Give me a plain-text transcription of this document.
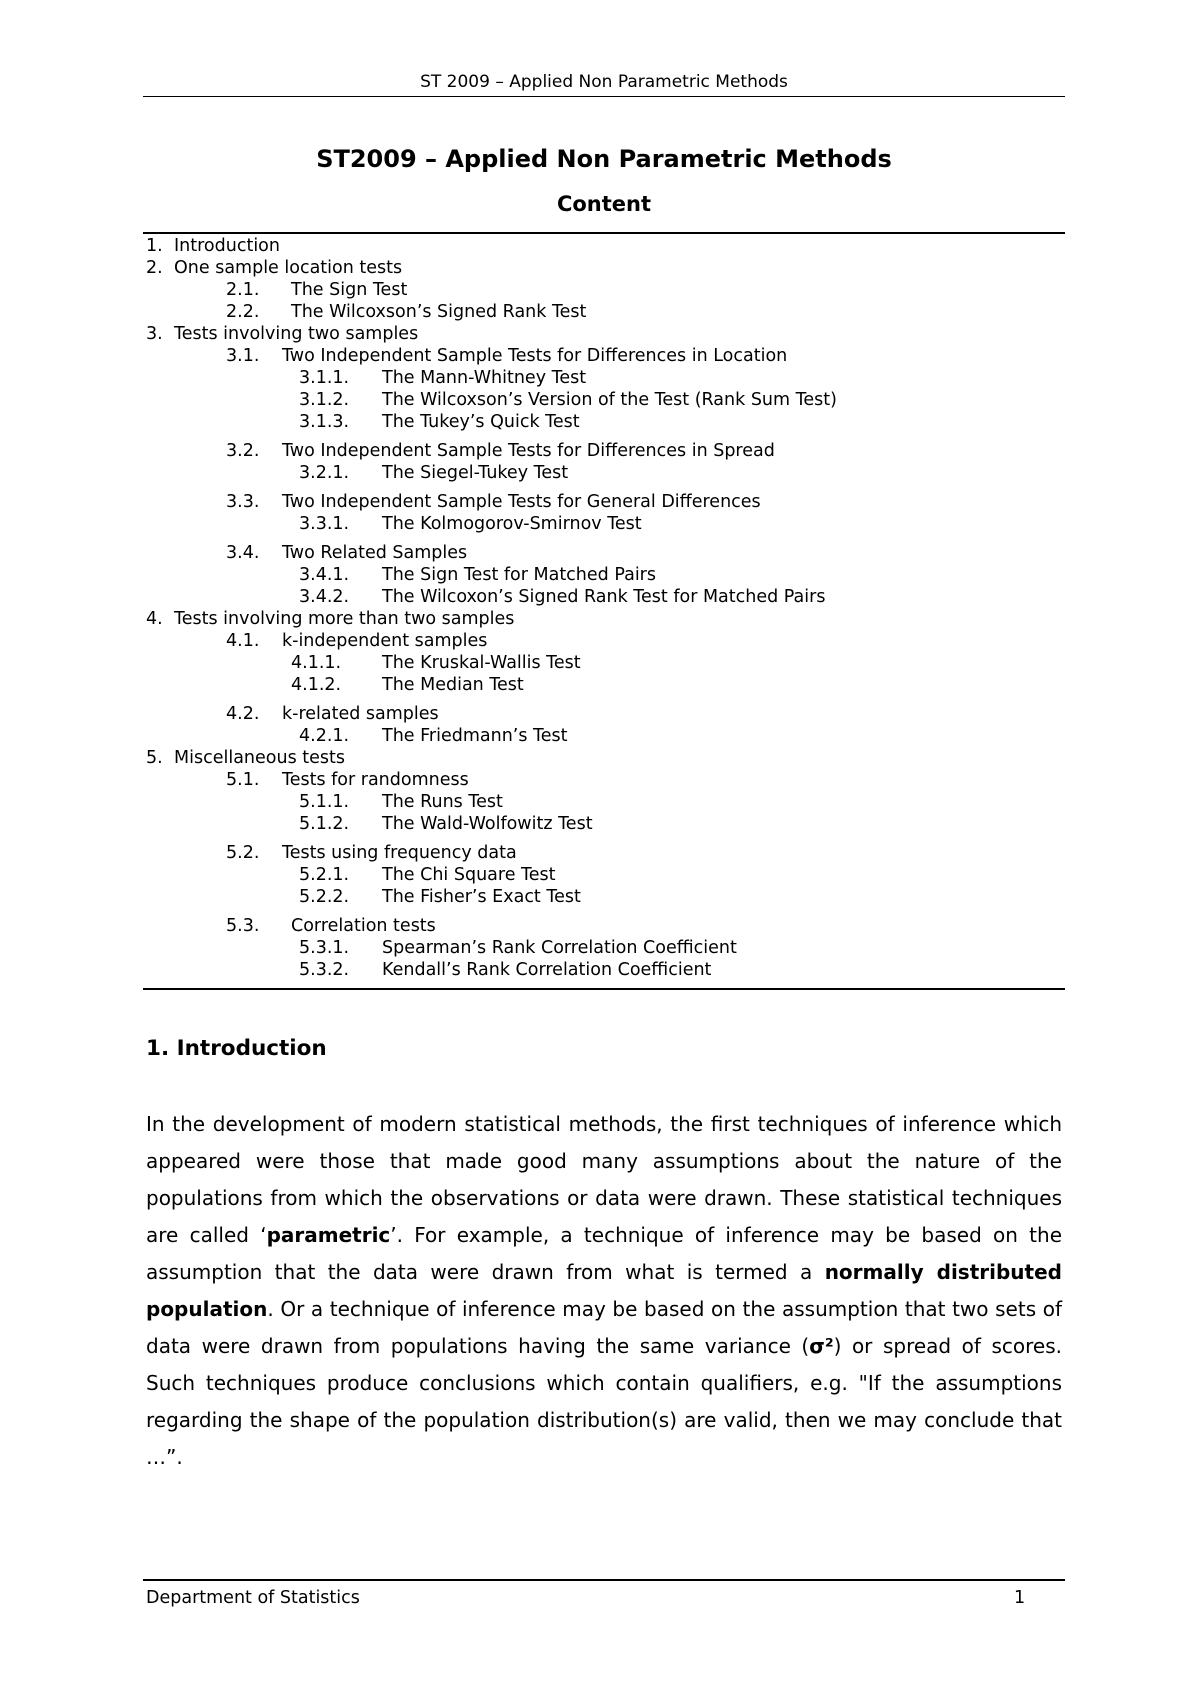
ST 2009 – Applied Non Parametric Methods
ST2009 – Applied Non Parametric Methods
Content
1. Introduction
2. One sample location tests
2.1. The Sign Test
2.2. The Wilcoxson’s Signed Rank Test
3. Tests involving two samples
3.1. Two Independent Sample Tests for Differences in Location
3.1.1. The Mann-Whitney Test
3.1.2. The Wilcoxson’s Version of the Test (Rank Sum Test)
3.1.3. The Tukey’s Quick Test
3.2. Two Independent Sample Tests for Differences in Spread
3.2.1. The Siegel-Tukey Test
3.3. Two Independent Sample Tests for General Differences
3.3.1. The Kolmogorov-Smirnov Test
3.4. Two Related Samples
3.4.1. The Sign Test for Matched Pairs
3.4.2. The Wilcoxon’s Signed Rank Test for Matched Pairs
4. Tests involving more than two samples
4.1. k-independent samples
4.1.1. The Kruskal-Wallis Test
4.1.2. The Median Test
4.2. k-related samples
4.2.1. The Friedmann’s Test
5. Miscellaneous tests
5.1. Tests for randomness
5.1.1. The Runs Test
5.1.2. The Wald-Wolfowitz Test
5.2. Tests using frequency data
5.2.1. The Chi Square Test
5.2.2. The Fisher’s Exact Test
5.3. Correlation tests
5.3.1. Spearman’s Rank Correlation Coefficient
5.3.2. Kendall’s Rank Correlation Coefficient
1. Introduction
In the development of modern statistical methods, the first techniques of inference which appeared were those that made good many assumptions about the nature of the populations from which the observations or data were drawn. These statistical techniques are called ‘parametric’. For example, a technique of inference may be based on the assumption that the data were drawn from what is termed a normally distributed population. Or a technique of inference may be based on the assumption that two sets of data were drawn from populations having the same variance (σ²) or spread of scores. Such techniques produce conclusions which contain qualifiers, e.g. "If the assumptions regarding the shape of the population distribution(s) are valid, then we may conclude that …”.
Department of Statistics	1
